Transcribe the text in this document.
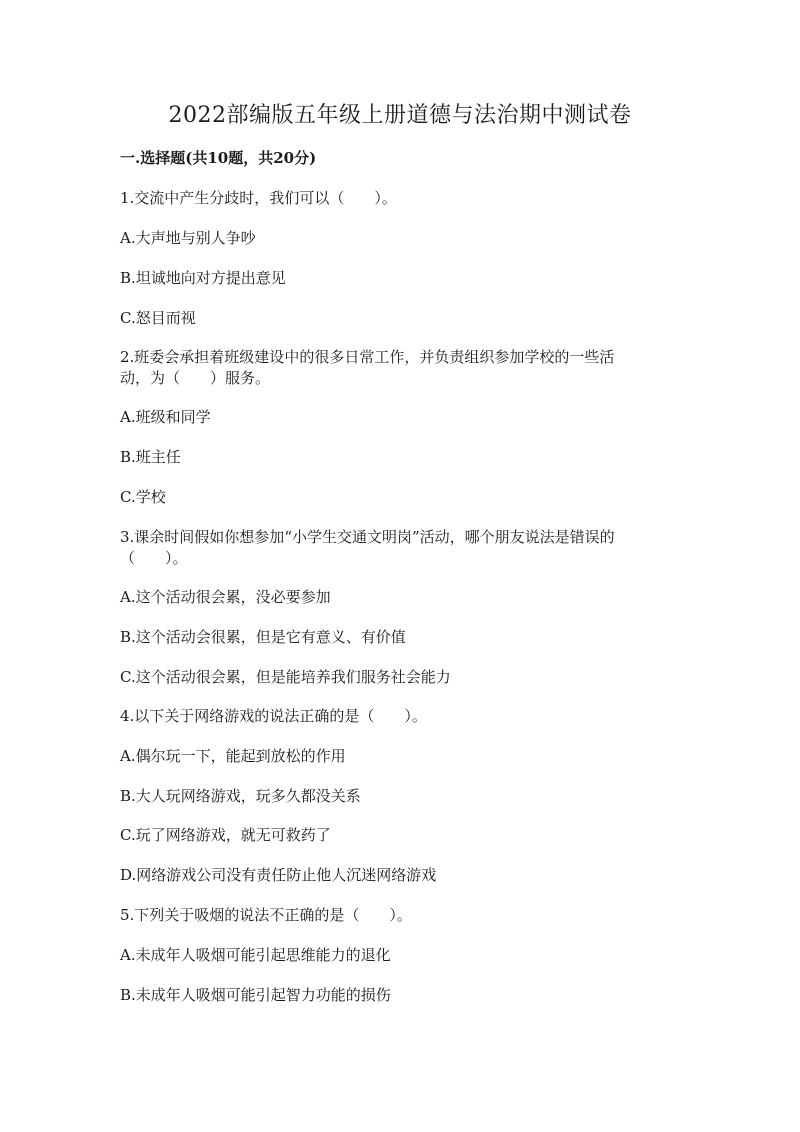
2022部编版五年级上册道德与法治期中测试卷
一.选择题(共10题，共20分)
1.交流中产生分歧时，我们可以（　　）。
A.大声地与别人争吵
B.坦诚地向对方提出意见
C.怒目而视
2.班委会承担着班级建设中的很多日常工作，并负责组织参加学校的一些活
动，为（　　）服务。
A.班级和同学
B.班主任
C.学校
3.课余时间假如你想参加“小学生交通文明岗”活动，哪个朋友说法是错误的
（　　）。
A.这个活动很会累，没必要参加
B.这个活动会很累，但是它有意义、有价值
C.这个活动很会累，但是能培养我们服务社会能力
4.以下关于网络游戏的说法正确的是（　　）。
A.偶尔玩一下，能起到放松的作用
B.大人玩网络游戏，玩多久都没关系
C.玩了网络游戏，就无可救药了
D.网络游戏公司没有责任防止他人沉迷网络游戏
5.下列关于吸烟的说法不正确的是（　　）。
A.未成年人吸烟可能引起思维能力的退化
B.未成年人吸烟可能引起智力功能的损伤
